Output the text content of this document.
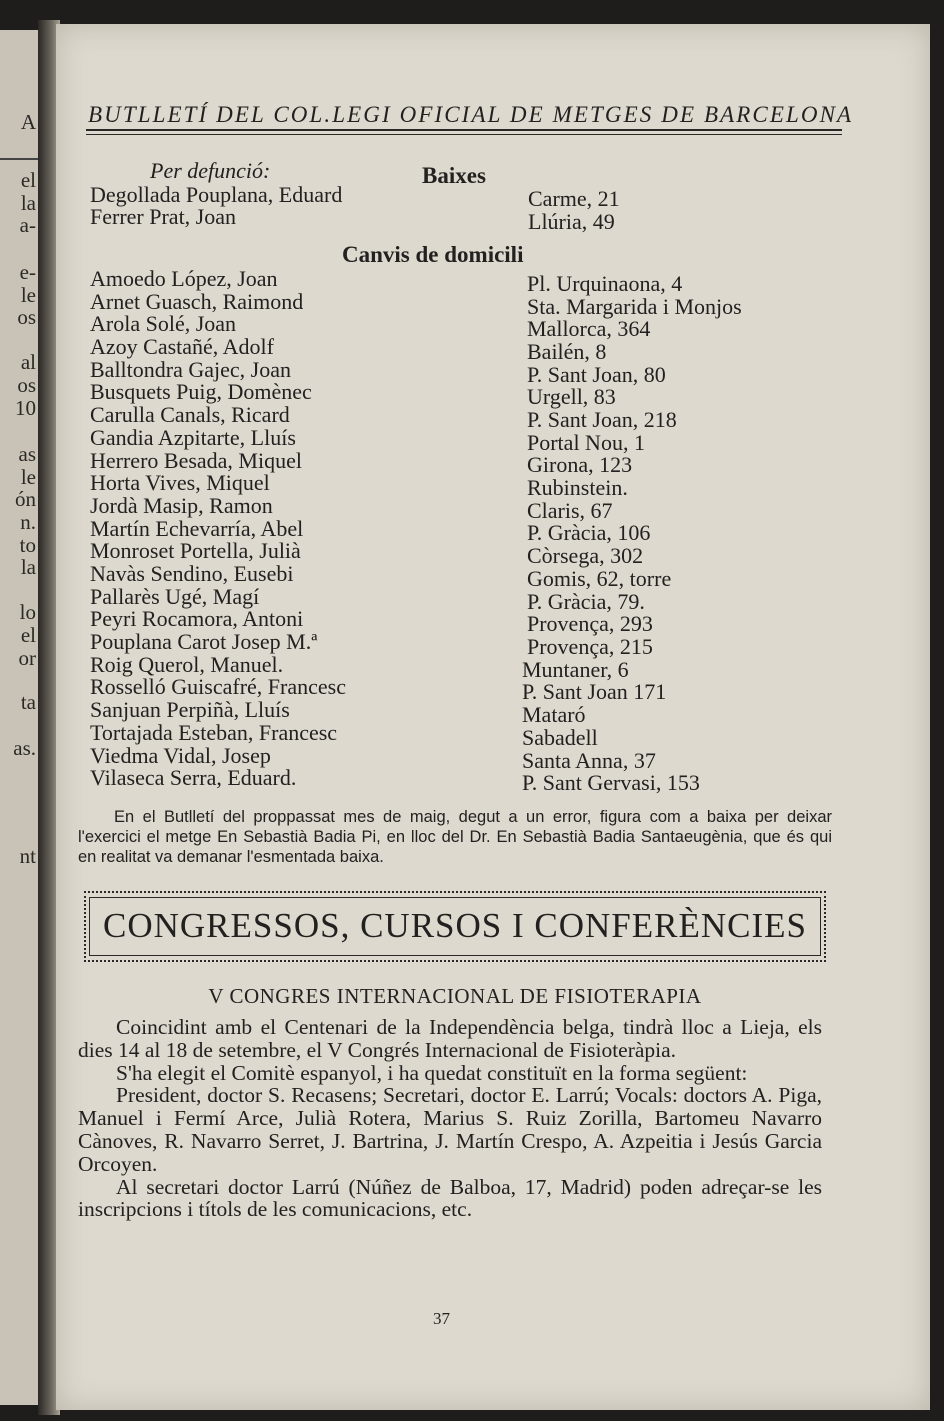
A
el
la
a-
e-
le
os
al
os
10
as
le
ón
n.
to
la
lo
el
or
ta
as.
nt
BUTLLETÍ DEL COL.LEGI OFICIAL DE METGES DE BARCELONA
Per defunció:	Baixes
Degollada Pouplana, Eduard	Carme, 21
Ferrer Prat, Joan	Llúria, 49
Canvis de domicili
Amoedo López, Joan	Pl. Urquinaona, 4
Arnet Guasch, Raimond	Sta. Margarida i Monjos
Arola Solé, Joan	Mallorca, 364
Azoy Castañé, Adolf	Bailén, 8
Balltondra Gajec, Joan	P. Sant Joan, 80
Busquets Puig, Domènec	Urgell, 83
Carulla Canals, Ricard	P. Sant Joan, 218
Gandia Azpitarte, Lluís	Portal Nou, 1
Herrero Besada, Miquel	Girona, 123
Horta Vives, Miquel	Rubinstein.
Jordà Masip, Ramon	Claris, 67
Martín Echevarría, Abel	P. Gràcia, 106
Monroset Portella, Julià	Còrsega, 302
Navàs Sendino, Eusebi	Gomis, 62, torre
Pallarès Ugé, Magí	P. Gràcia, 79.
Peyri Rocamora, Antoni	Provença, 293
Pouplana Carot Josep M.ª	Provença, 215
Roig Querol, Manuel.	Muntaner, 6
Rosselló Guiscafré, Francesc	P. Sant Joan 171
Sanjuan Perpiñà, Lluís	Mataró
Tortajada Esteban, Francesc	Sabadell
Viedma Vidal, Josep	Santa Anna, 37
Vilaseca Serra, Eduard.	P. Sant Gervasi, 153

En el Butlletí del proppassat mes de maig, degut a un error, figura com a baixa per deixar l'exercici el metge En Sebastià Badia Pi, en lloc del Dr. En Sebastià Badia Santaeugènia, que és qui en realitat va demanar l'esmentada baixa.

CONGRESSOS, CURSOS I CONFERÈNCIES
V CONGRES INTERNACIONAL DE FISIOTERAPIA

Coincidint amb el Centenari de la Independència belga, tindrà lloc a Lieja, els dies 14 al 18 de setembre, el V Congrés Internacional de Fisioteràpia.

S'ha elegit el Comitè espanyol, i ha quedat constituït en la forma següent:

President, doctor S. Recasens; Secretari, doctor E. Larrú; Vocals: doctors A. Piga, Manuel i Fermí Arce, Julià Rotera, Marius S. Ruiz Zorilla, Bartomeu Navarro Cànoves, R. Navarro Serret, J. Bartrina, J. Martín Crespo, A. Azpeitia i Jesús Garcia Orcoyen.

Al secretari doctor Larrú (Núñez de Balboa, 17, Madrid) poden adreçar-se les inscripcions i títols de les comunicacions, etc.

37
